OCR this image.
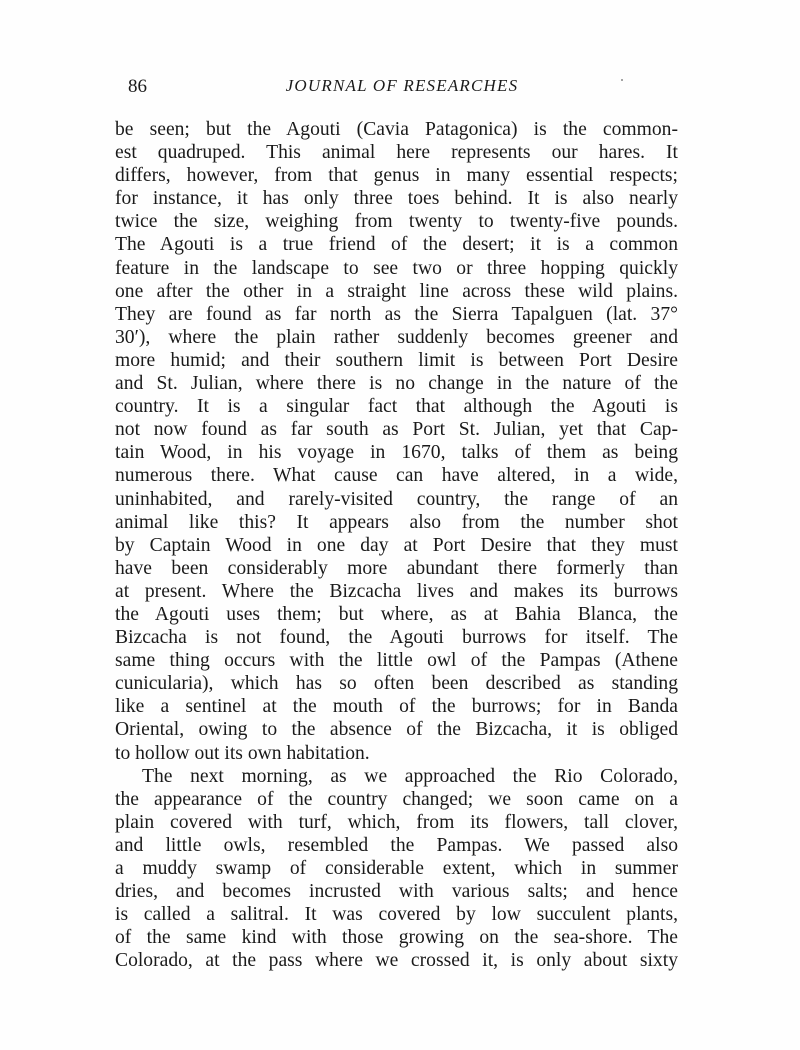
86	JOURNAL OF RESEARCHES
be seen; but the Agouti (Cavia Patagonica) is the common-
est quadruped. This animal here represents our hares. It
differs, however, from that genus in many essential respects;
for instance, it has only three toes behind. It is also nearly
twice the size, weighing from twenty to twenty-five pounds.
The Agouti is a true friend of the desert; it is a common
feature in the landscape to see two or three hopping quickly
one after the other in a straight line across these wild plains.
They are found as far north as the Sierra Tapalguen (lat. 37°
30′), where the plain rather suddenly becomes greener and
more humid; and their southern limit is between Port Desire
and St. Julian, where there is no change in the nature of the
country. It is a singular fact that although the Agouti is
not now found as far south as Port St. Julian, yet that Cap-
tain Wood, in his voyage in 1670, talks of them as being
numerous there. What cause can have altered, in a wide,
uninhabited, and rarely-visited country, the range of an
animal like this? It appears also from the number shot
by Captain Wood in one day at Port Desire that they must
have been considerably more abundant there formerly than
at present. Where the Bizcacha lives and makes its burrows
the Agouti uses them; but where, as at Bahia Blanca, the
Bizcacha is not found, the Agouti burrows for itself. The
same thing occurs with the little owl of the Pampas (Athene
cunicularia), which has so often been described as standing
like a sentinel at the mouth of the burrows; for in Banda
Oriental, owing to the absence of the Bizcacha, it is obliged
to hollow out its own habitation.
The next morning, as we approached the Rio Colorado,
the appearance of the country changed; we soon came on a
plain covered with turf, which, from its flowers, tall clover,
and little owls, resembled the Pampas. We passed also
a muddy swamp of considerable extent, which in summer
dries, and becomes incrusted with various salts; and hence
is called a salitral. It was covered by low succulent plants,
of the same kind with those growing on the sea-shore. The
Colorado, at the pass where we crossed it, is only about sixty
